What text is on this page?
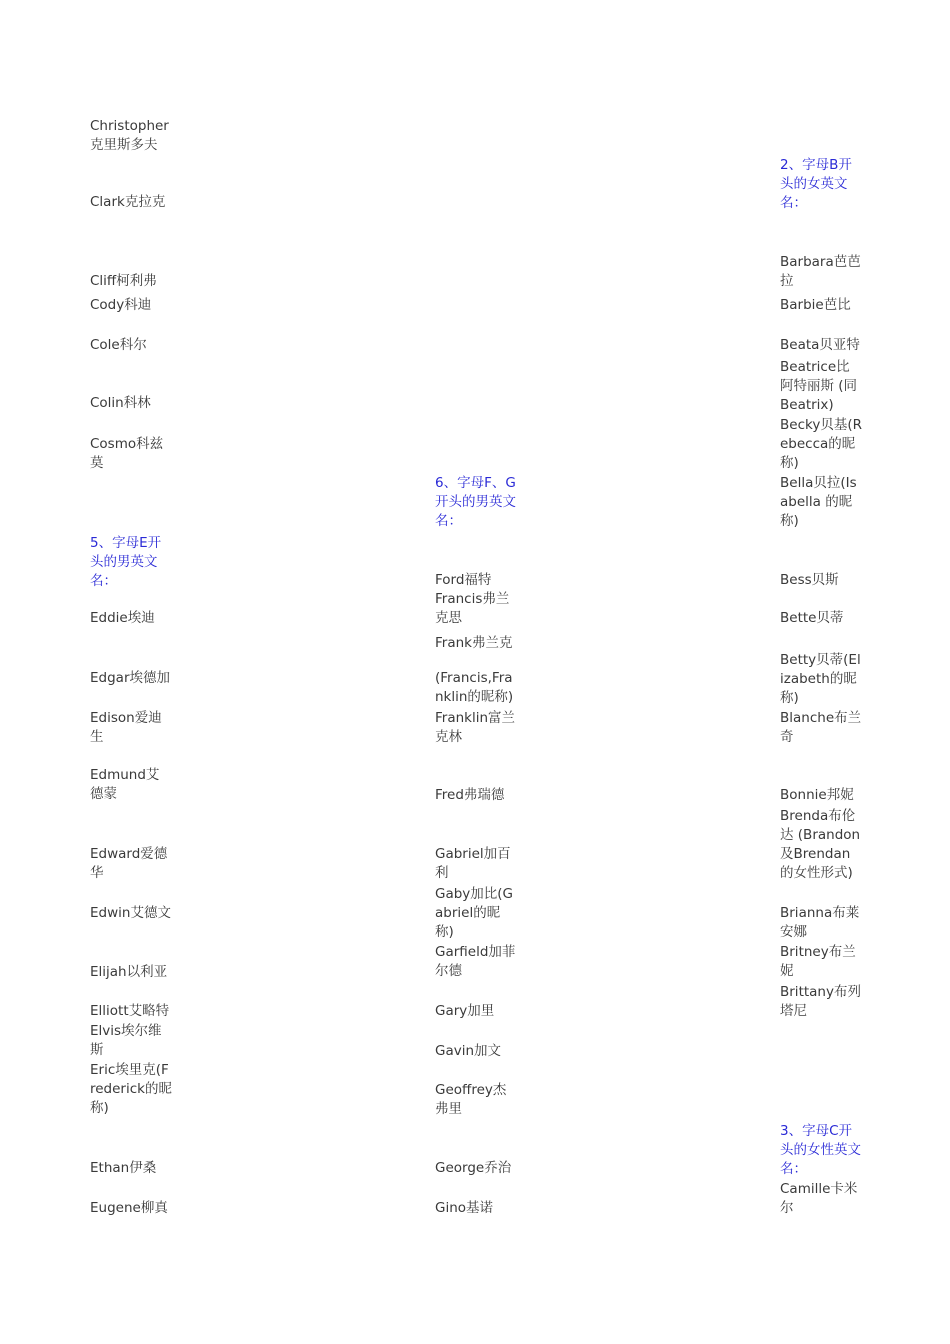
Christopher克里斯多夫
Clark克拉克
Cliff柯利弗
Cody科迪
Cole科尔
Colin科林
Cosmo科兹莫
5、字母E开头的男英文名：
Eddie埃迪
Edgar埃德加
Edison爱迪生
Edmund艾德蒙
Edward爱德华
Edwin艾德文
Elijah以利亚
Elliott艾略特
Elvis埃尔维斯
Eric埃里克(Frederick的昵称)
Ethan伊桑
Eugene柳真
6、字母F、G开头的男英文名：
Ford福特
Francis弗兰克思
Frank弗兰克
(Francis,Franklin的昵称)
Franklin富兰克林
Fred弗瑞德
Gabriel加百利
Gaby加比(Gabriel的昵称)
Garfield加菲尔德
Gary加里
Gavin加文
Geoffrey杰弗里
George乔治
Gino基诺
2、字母B开头的女英文名：
Barbara芭芭拉
Barbie芭比
Beata贝亚特
Beatrice比阿特丽斯 (同Beatrix)
Becky贝基(Rebecca的昵称)
Bella贝拉(Isabella 的昵称)
Bess贝斯
Bette贝蒂
Betty贝蒂(Elizabeth的昵称)
Blanche布兰奇
Bonnie邦妮
Brenda布伦达 (Brandon及Brendan的女性形式)
Brianna布莱安娜
Britney布兰妮
Brittany布列塔尼
3、字母C开头的女性英文名：
Camille卡米尔
